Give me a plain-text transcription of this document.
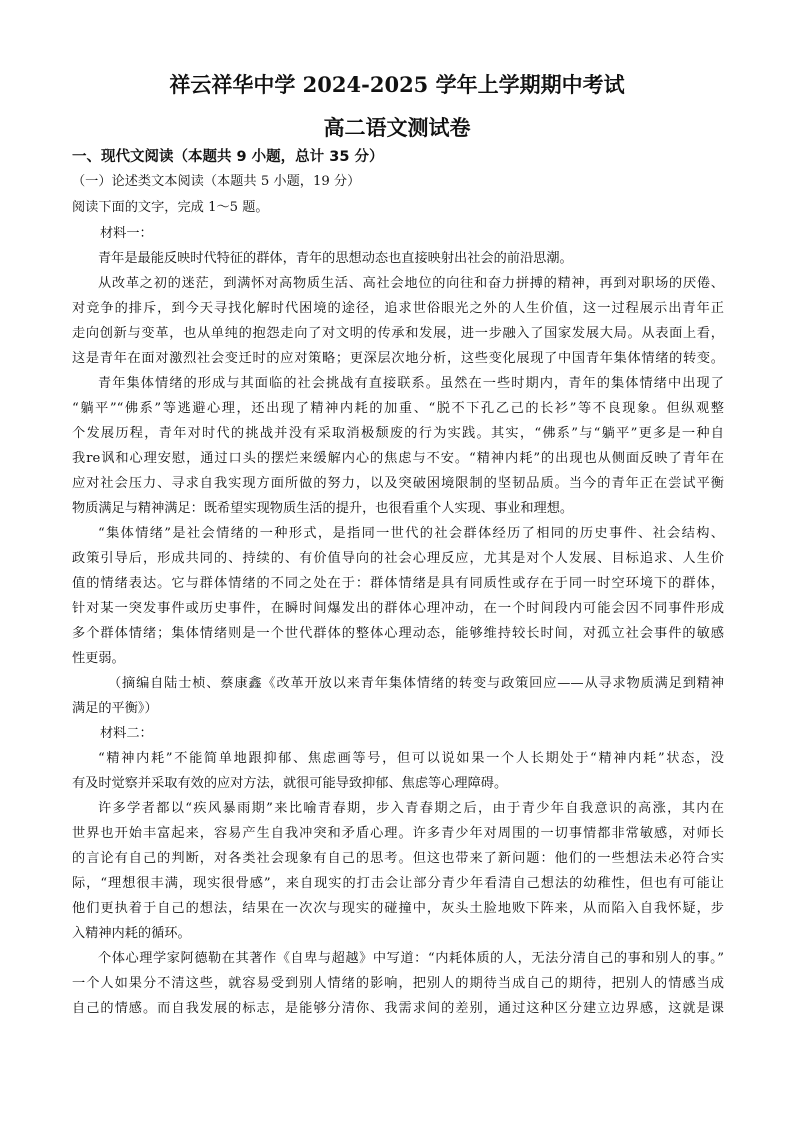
祥云祥华中学 2024-2025 学年上学期期中考试
高二语文测试卷
一、现代文阅读（本题共 9 小题，总计 35 分）
（一）论述类文本阅读（本题共 5 小题，19 分）
阅读下面的文字，完成 1～5 题。
材料一：
青年是最能反映时代特征的群体，青年的思想动态也直接映射出社会的前沿思潮。
从改革之初的迷茫，到满怀对高物质生活、高社会地位的向往和奋力拼搏的精神，再到对职场的厌倦、
对竞争的排斥，到今天寻找化解时代困境的途径，追求世俗眼光之外的人生价值，这一过程展示出青年正
走向创新与变革，也从单纯的抱怨走向了对文明的传承和发展，进一步融入了国家发展大局。从表面上看，
这是青年在面对激烈社会变迁时的应对策略；更深层次地分析，这些变化展现了中国青年集体情绪的转变。
青年集体情绪的形成与其面临的社会挑战有直接联系。虽然在一些时期内，青年的集体情绪中出现了
“躺平”“佛系”等逃避心理，还出现了精神内耗的加重、“脱不下孔乙己的长衫”等不良现象。但纵观整
个发展历程，青年对时代的挑战并没有采取消极颓废的行为实践。其实，“佛系”与“躺平”更多是一种自
我re讽和心理安慰，通过口头的摆烂来缓解内心的焦虑与不安。“精神内耗”的出现也从侧面反映了青年在
应对社会压力、寻求自我实现方面所做的努力，以及突破困境限制的坚韧品质。当今的青年正在尝试平衡
物质满足与精神满足：既希望实现物质生活的提升，也很看重个人实现、事业和理想。
“集体情绪”是社会情绪的一种形式，是指同一世代的社会群体经历了相同的历史事件、社会结构、
政策引导后，形成共同的、持续的、有价值导向的社会心理反应，尤其是对个人发展、目标追求、人生价
值的情绪表达。它与群体情绪的不同之处在于：群体情绪是具有同质性或存在于同一时空环境下的群体，
针对某一突发事件或历史事件，在瞬时间爆发出的群体心理冲动，在一个时间段内可能会因不同事件形成
多个群体情绪；集体情绪则是一个世代群体的整体心理动态，能够维持较长时间，对孤立社会事件的敏感
性更弱。
（摘编自陆士桢、蔡康鑫《改革开放以来青年集体情绪的转变与政策回应——从寻求物质满足到精神
满足的平衡》）
材料二：
“精神内耗”不能简单地跟抑郁、焦虑画等号，但可以说如果一个人长期处于“精神内耗”状态，没
有及时觉察并采取有效的应对方法，就很可能导致抑郁、焦虑等心理障碍。
许多学者都以“疾风暴雨期”来比喻青春期，步入青春期之后，由于青少年自我意识的高涨，其内在
世界也开始丰富起来，容易产生自我冲突和矛盾心理。许多青少年对周围的一切事情都非常敏感，对师长
的言论有自己的判断，对各类社会现象有自己的思考。但这也带来了新问题：他们的一些想法未必符合实
际，“理想很丰满，现实很骨感”，来自现实的打击会让部分青少年看清自己想法的幼稚性，但也有可能让
他们更执着于自己的想法，结果在一次次与现实的碰撞中，灰头土脸地败下阵来，从而陷入自我怀疑，步
入精神内耗的循环。
个体心理学家阿德勒在其著作《自卑与超越》中写道：“内耗体质的人，无法分清自己的事和别人的事。”
一个人如果分不清这些，就容易受到别人情绪的影响，把别人的期待当成自己的期待，把别人的情感当成
自己的情感。而自我发展的标志，是能够分清你、我需求间的差别，通过这种区分建立边界感，这就是课
